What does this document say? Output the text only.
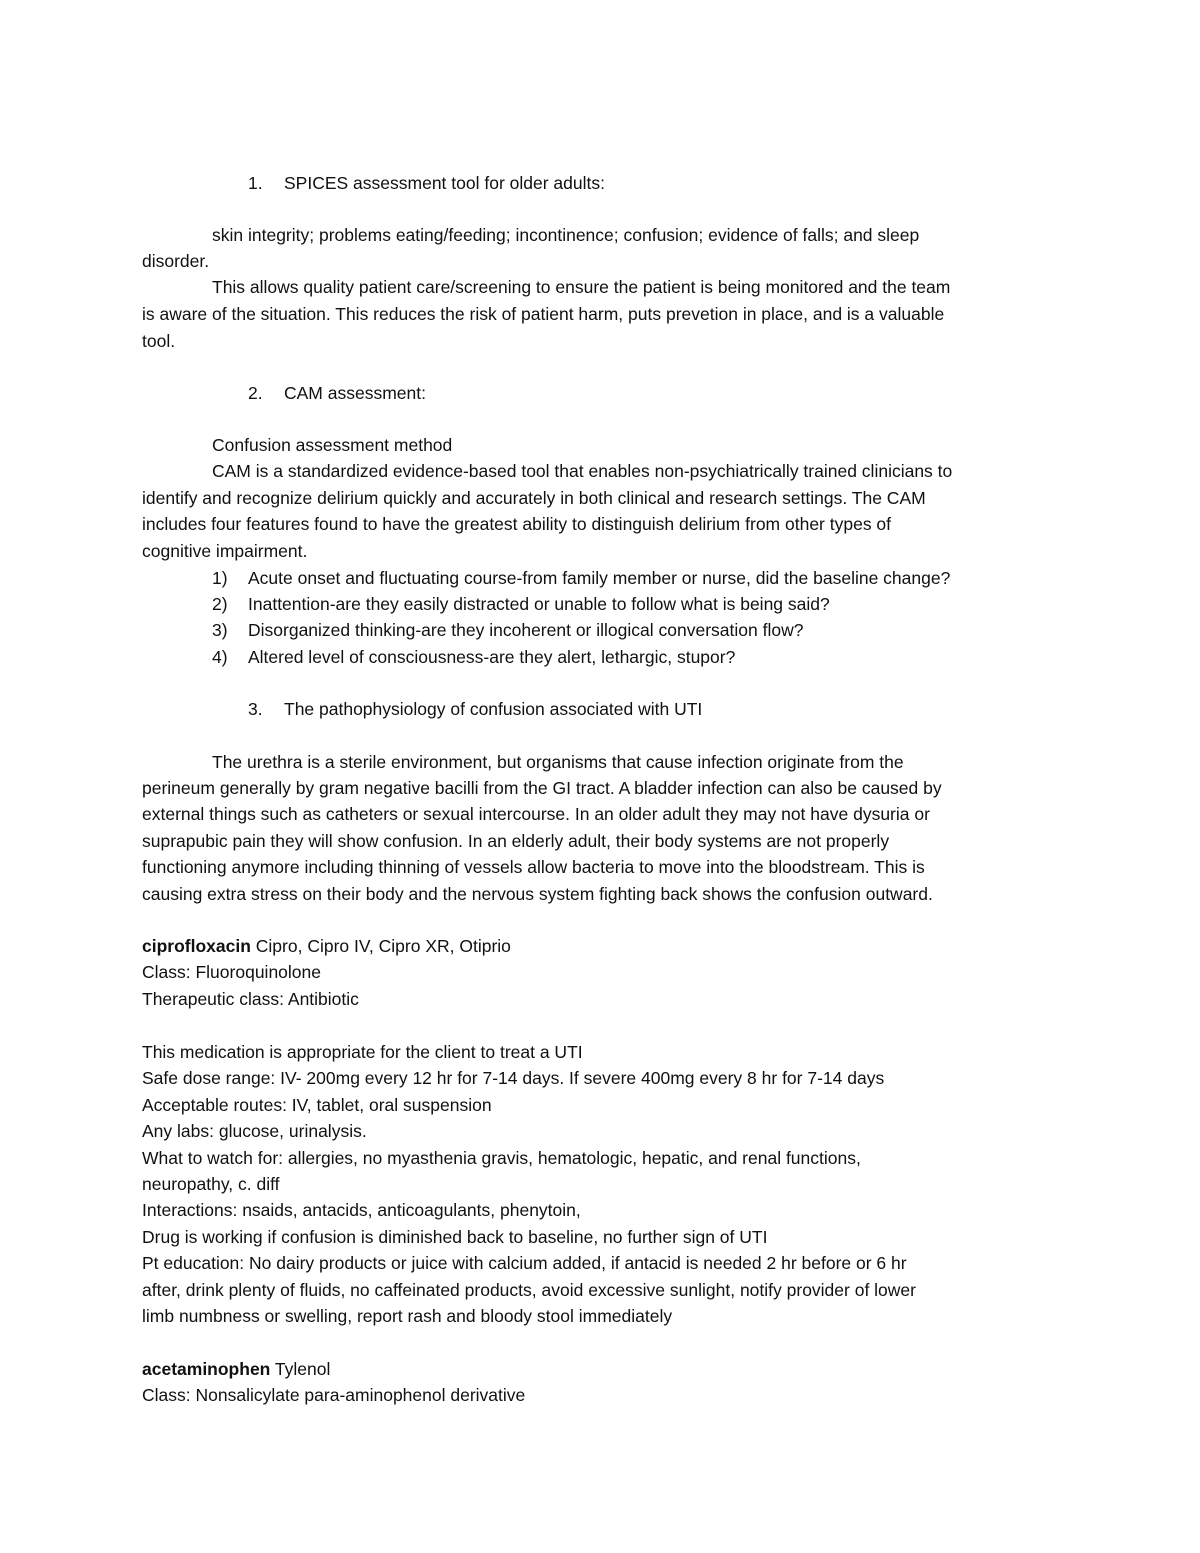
1. SPICES assessment tool for older adults:
skin integrity; problems eating/feeding; incontinence; confusion; evidence of falls; and sleep
disorder.
This allows quality patient care/screening to ensure the patient is being monitored and the team
is aware of the situation. This reduces the risk of patient harm, puts prevetion in place, and is a valuable
tool.
2. CAM assessment:
Confusion assessment method
CAM is a standardized evidence-based tool that enables non-psychiatrically trained clinicians to
identify and recognize delirium quickly and accurately in both clinical and research settings. The CAM
includes four features found to have the greatest ability to distinguish delirium from other types of
cognitive impairment.
1) Acute onset and fluctuating course-from family member or nurse, did the baseline change?
2) Inattention-are they easily distracted or unable to follow what is being said?
3) Disorganized thinking-are they incoherent or illogical conversation flow?
4) Altered level of consciousness-are they alert, lethargic, stupor?
3. The pathophysiology of confusion associated with UTI
The urethra is a sterile environment, but organisms that cause infection originate from the
perineum generally by gram negative bacilli from the GI tract. A bladder infection can also be caused by
external things such as catheters or sexual intercourse. In an older adult they may not have dysuria or
suprapubic pain they will show confusion. In an elderly adult, their body systems are not properly
functioning anymore including thinning of vessels allow bacteria to move into the bloodstream. This is
causing extra stress on their body and the nervous system fighting back shows the confusion outward.
ciprofloxacin Cipro, Cipro IV, Cipro XR, Otiprio
Class: Fluoroquinolone
Therapeutic class: Antibiotic
This medication is appropriate for the client to treat a UTI
Safe dose range: IV- 200mg every 12 hr for 7-14 days. If severe 400mg every 8 hr for 7-14 days
Acceptable routes: IV, tablet, oral suspension
Any labs: glucose, urinalysis.
What to watch for: allergies, no myasthenia gravis, hematologic, hepatic, and renal functions,
neuropathy, c. diff
Interactions: nsaids, antacids, anticoagulants, phenytoin,
Drug is working if confusion is diminished back to baseline, no further sign of UTI
Pt education: No dairy products or juice with calcium added, if antacid is needed 2 hr before or 6 hr
after, drink plenty of fluids, no caffeinated products, avoid excessive sunlight, notify provider of lower
limb numbness or swelling, report rash and bloody stool immediately
acetaminophen Tylenol
Class: Nonsalicylate para-aminophenol derivative
